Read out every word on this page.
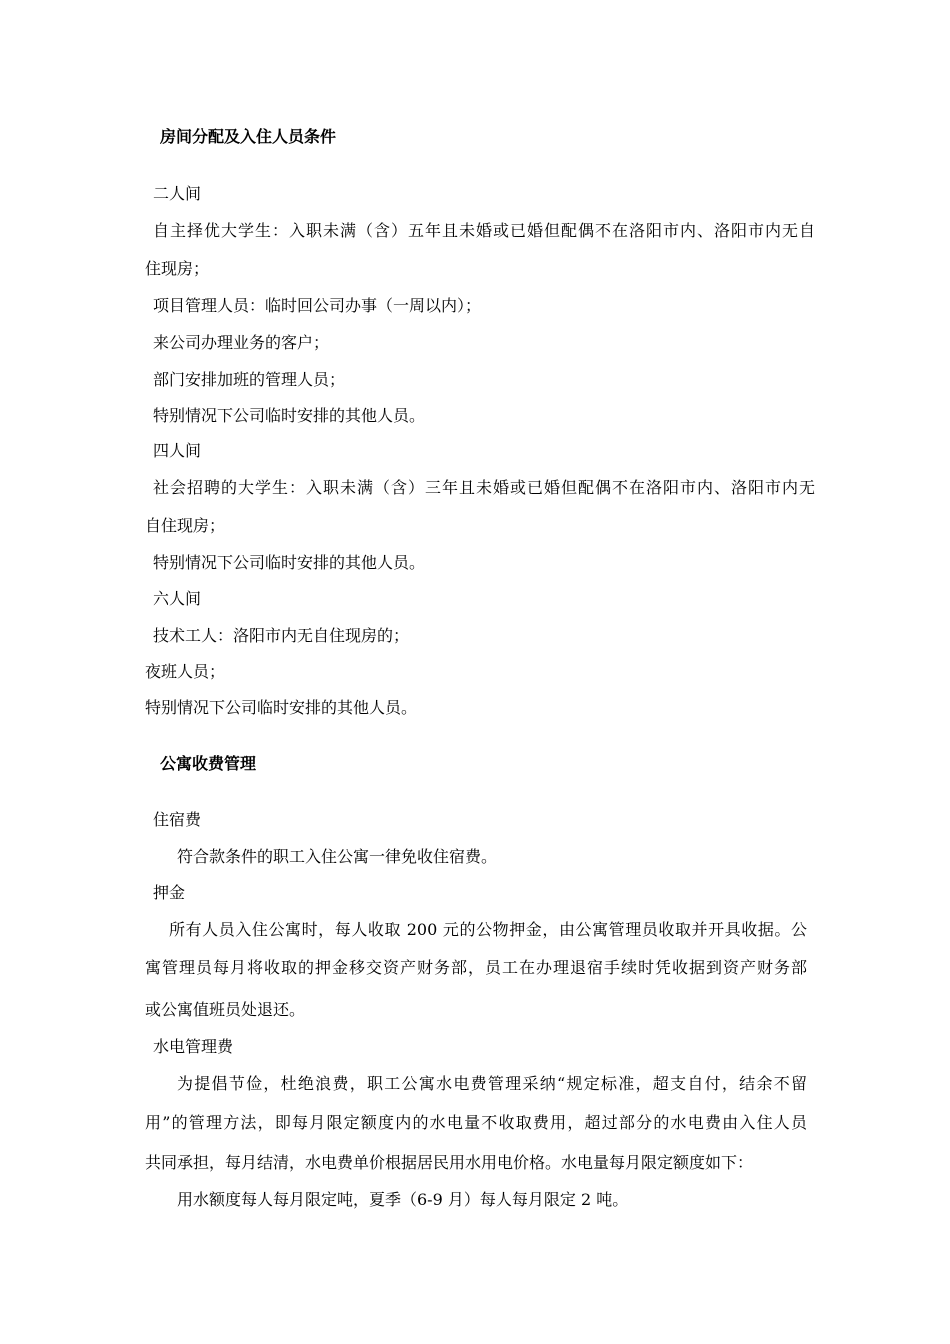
房间分配及入住人员条件
二人间
自主择优大学生：入职未满（含）五年且未婚或已婚但配偶不在洛阳市内、洛阳市内无自
住现房；
项目管理人员：临时回公司办事（一周以内）；
来公司办理业务的客户；
部门安排加班的管理人员；
特别情况下公司临时安排的其他人员。
四人间
社会招聘的大学生：入职未满（含）三年且未婚或已婚但配偶不在洛阳市内、洛阳市内无
自住现房；
特别情况下公司临时安排的其他人员。
六人间
技术工人：洛阳市内无自住现房的；
夜班人员；
特别情况下公司临时安排的其他人员。
公寓收费管理
住宿费
符合款条件的职工入住公寓一律免收住宿费。
押金
所有人员入住公寓时，每人收取 200 元的公物押金，由公寓管理员收取并开具收据。公
寓管理员每月将收取的押金移交资产财务部，员工在办理退宿手续时凭收据到资产财务部
或公寓值班员处退还。
水电管理费
为提倡节俭，杜绝浪费，职工公寓水电费管理采纳“规定标准，超支自付，结余不留
用”的管理方法，即每月限定额度内的水电量不收取费用，超过部分的水电费由入住人员
共同承担，每月结清，水电费单价根据居民用水用电价格。水电量每月限定额度如下：
用水额度每人每月限定吨，夏季（6-9 月）每人每月限定 2 吨。
